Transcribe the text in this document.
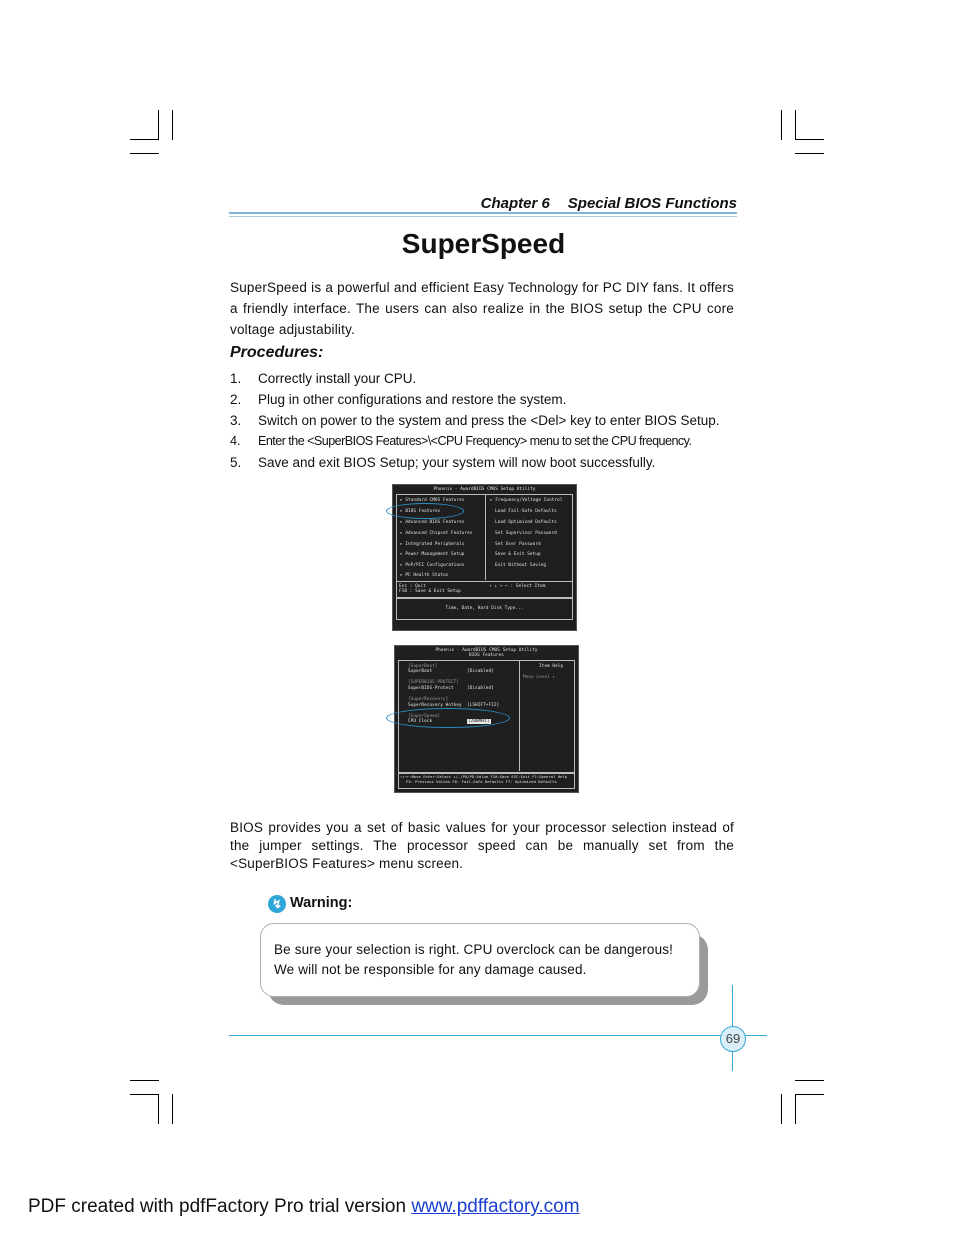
Chapter 6 Special BIOS Functions
SuperSpeed
SuperSpeed is a powerful and efficient Easy Technology for PC DIY fans. It offers a friendly interface. The users can also realize in the BIOS setup the CPU core voltage adjustability.
Procedures:
1. Correctly install your CPU.
2. Plug in other configurations and restore the system.
3. Switch on power to the system and press the <Del> key to enter BIOS Setup.
4. Enter the <SuperBIOS Features>\<CPU Frequency> menu to set the CPU frequency.
5. Save and exit BIOS Setup; your system will now boot successfully.
Phoenix - AwardBIOS CMOS Setup Utility
▸ Standard CMOS Features
▸ BIOS Features
▸ Advanced BIOS Features
▸ Advanced Chipset Features
▸ Integrated Peripherals
▸ Power Management Setup
▸ PnP/PCI Configurations
▸ PC Health Status
▸ Frequency/Voltage Control
Load Fail-Safe Defaults
Load Optimized Defaults
Set Supervisor Password
Set User Password
Save & Exit Setup
Exit Without Saving
Esc : Quit
F10 : Save & Exit Setup
↑ ↓ → ← : Select Item
Time, Date, Hard Disk Type...
Phoenix - AwardBIOS CMOS Setup Utility
BIOS Features
[SuperBoot]
SuperBoot	[Disabled]
[SUPERBIOS-PROTECT]
SuperBIOS-Protect	[Disabled]
[SuperRecovery]
SuperRecovery Hotkey [LSHIFT+F12]
[SuperSpeed]
CPU Clock	[200MHz]
Item Help
Menu Level ▸
↑↓→←:Move Enter:Select +/-/PU/PD:Value F10:Save ESC:Exit F1:General Help
F5: Previous Values F6: Fail-Safe Defaults F7: Optimized Defaults
BIOS provides you a set of basic values for your processor selection instead of the jumper settings. The processor speed can be manually set from the <SuperBIOS Features> menu screen.
↯ Warning:
Be sure your selection is right. CPU overclock can be dangerous!
We will not be responsible for any damage caused.
69
PDF created with pdfFactory Pro trial version www.pdffactory.com
